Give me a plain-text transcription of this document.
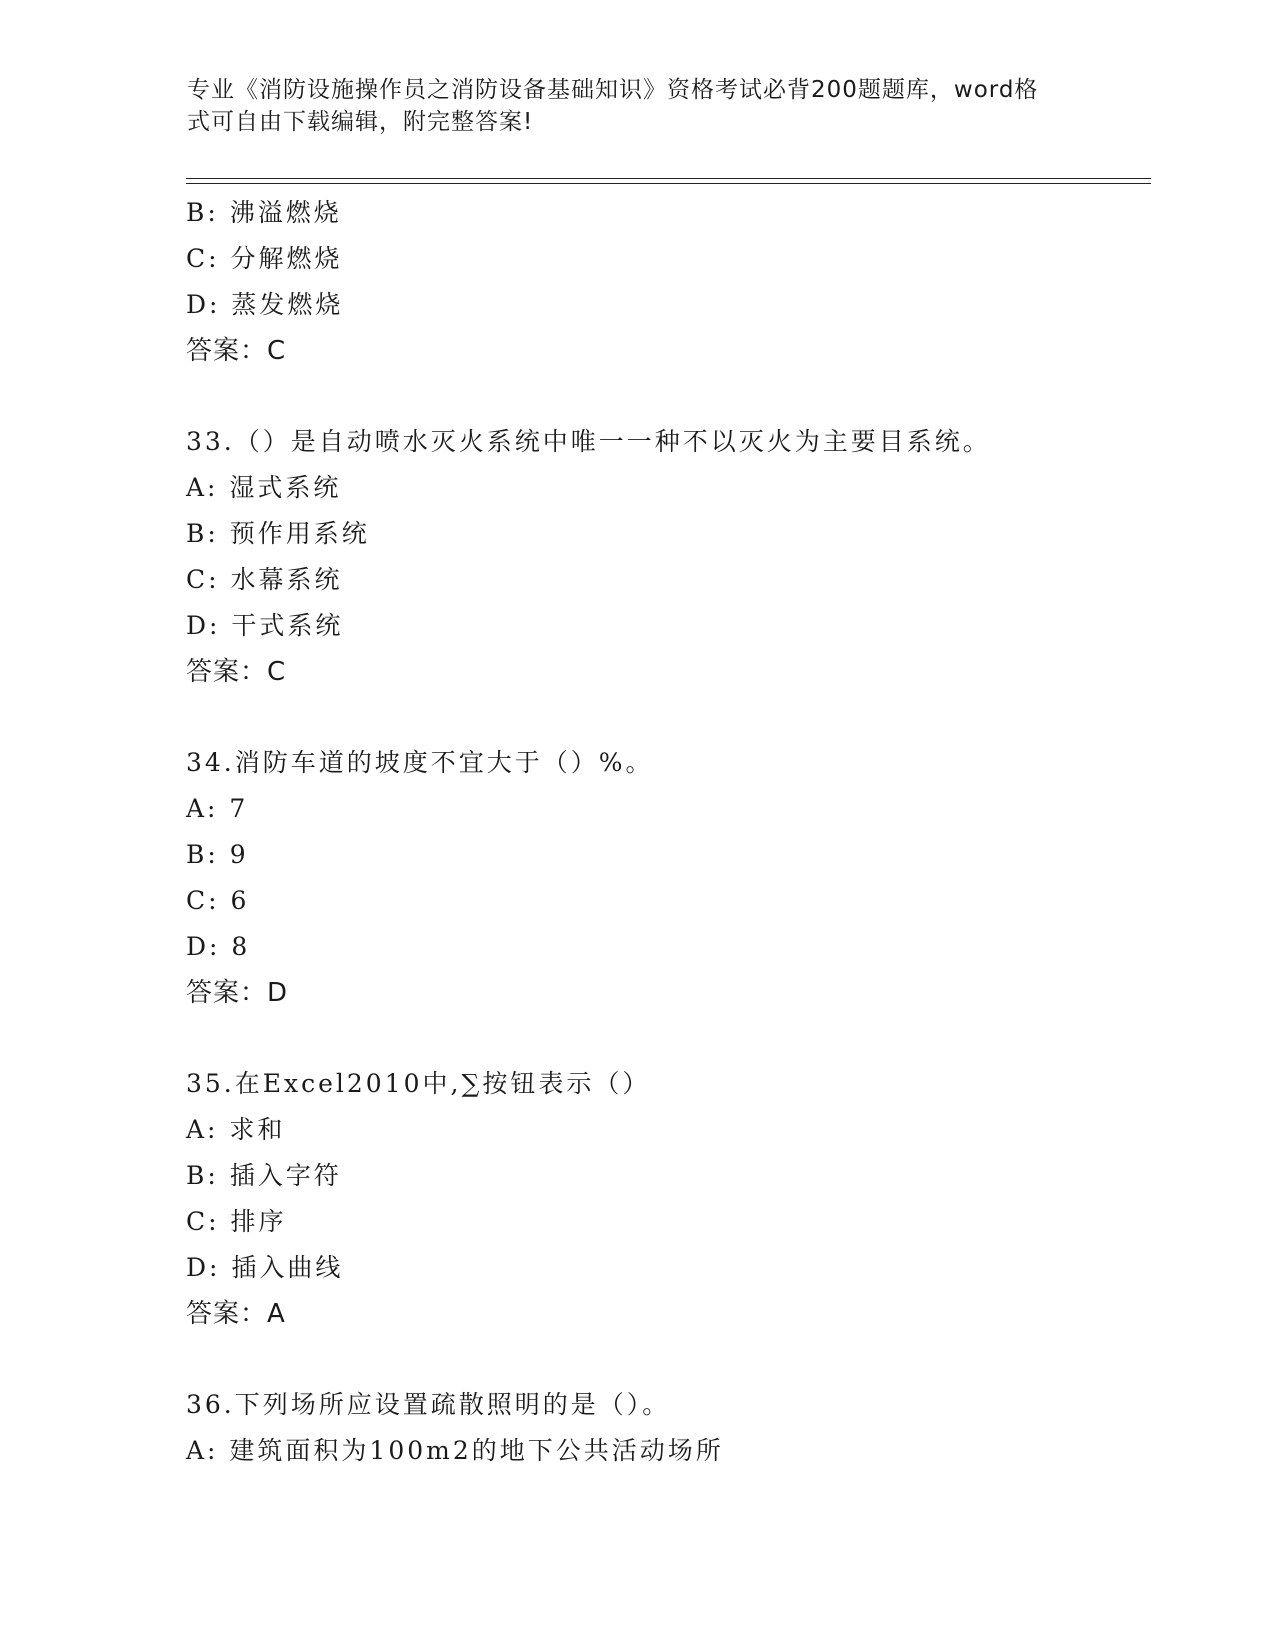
专业《消防设施操作员之消防设备基础知识》资格考试必背200题题库，word格
式可自由下载编辑，附完整答案!
B: 沸溢燃烧
C: 分解燃烧
D: 蒸发燃烧
答案：C
33.（）是自动喷水灭火系统中唯一一种不以灭火为主要目系统。
A: 湿式系统
B: 预作用系统
C: 水幕系统
D: 干式系统
答案：C
34.消防车道的坡度不宜大于（）%。
A: 7
B: 9
C: 6
D: 8
答案：D
35.在Excel2010中,∑按钮表示（）
A: 求和
B: 插入字符
C: 排序
D: 插入曲线
答案：A
36.下列场所应设置疏散照明的是（）。
A: 建筑面积为100m2的地下公共活动场所
